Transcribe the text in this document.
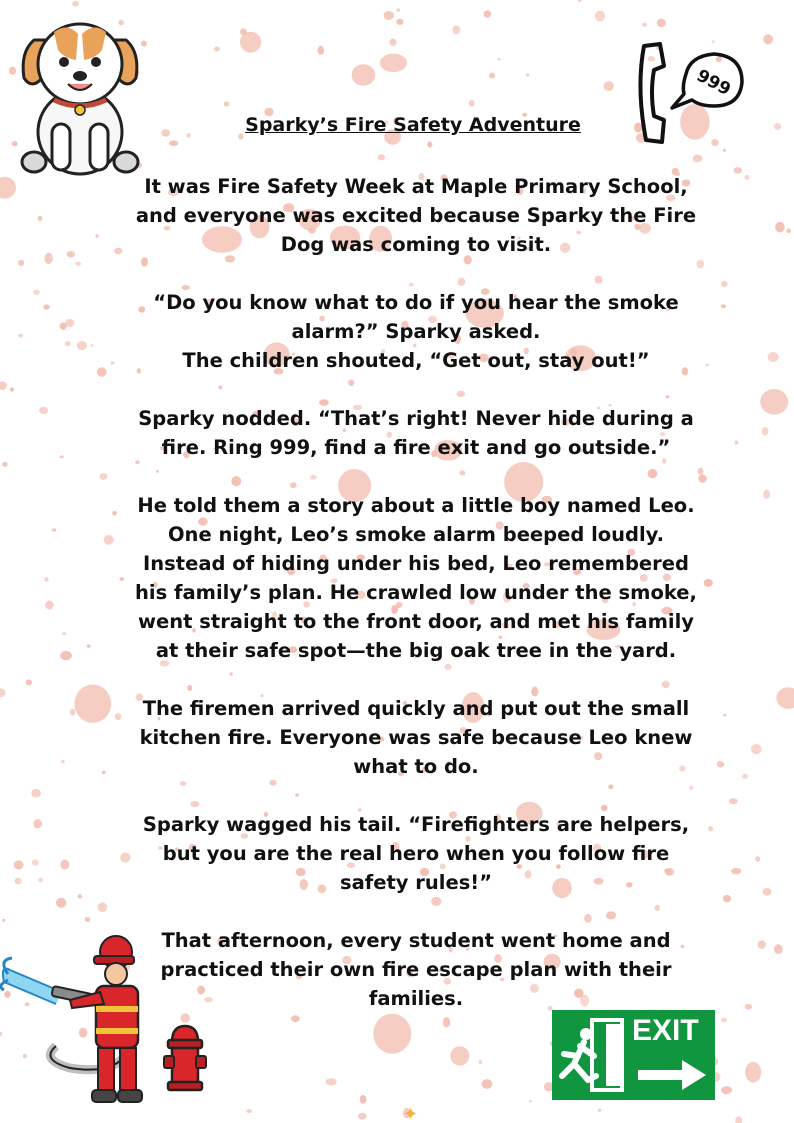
999
Sparky’s Fire Safety Adventure

It was Fire Safety Week at Maple Primary School,
and everyone was excited because Sparky the Fire
Dog was coming to visit.

“Do you know what to do if you hear the smoke
alarm?” Sparky asked.
The children shouted, “Get out, stay out!”

Sparky nodded. “That’s right! Never hide during a
fire. Ring 999, find a fire exit and go outside.”

He told them a story about a little boy named Leo.
One night, Leo’s smoke alarm beeped loudly.
Instead of hiding under his bed, Leo remembered
his family’s plan. He crawled low under the smoke,
went straight to the front door, and met his family
at their safe spot—the big oak tree in the yard.

The firemen arrived quickly and put out the small
kitchen fire. Everyone was safe because Leo knew
what to do.

Sparky wagged his tail. “Firefighters are helpers,
but you are the real hero when you follow fire
safety rules!”

That afternoon, every student went home and
practiced their own fire escape plan with their
families.

EXIT
✦
